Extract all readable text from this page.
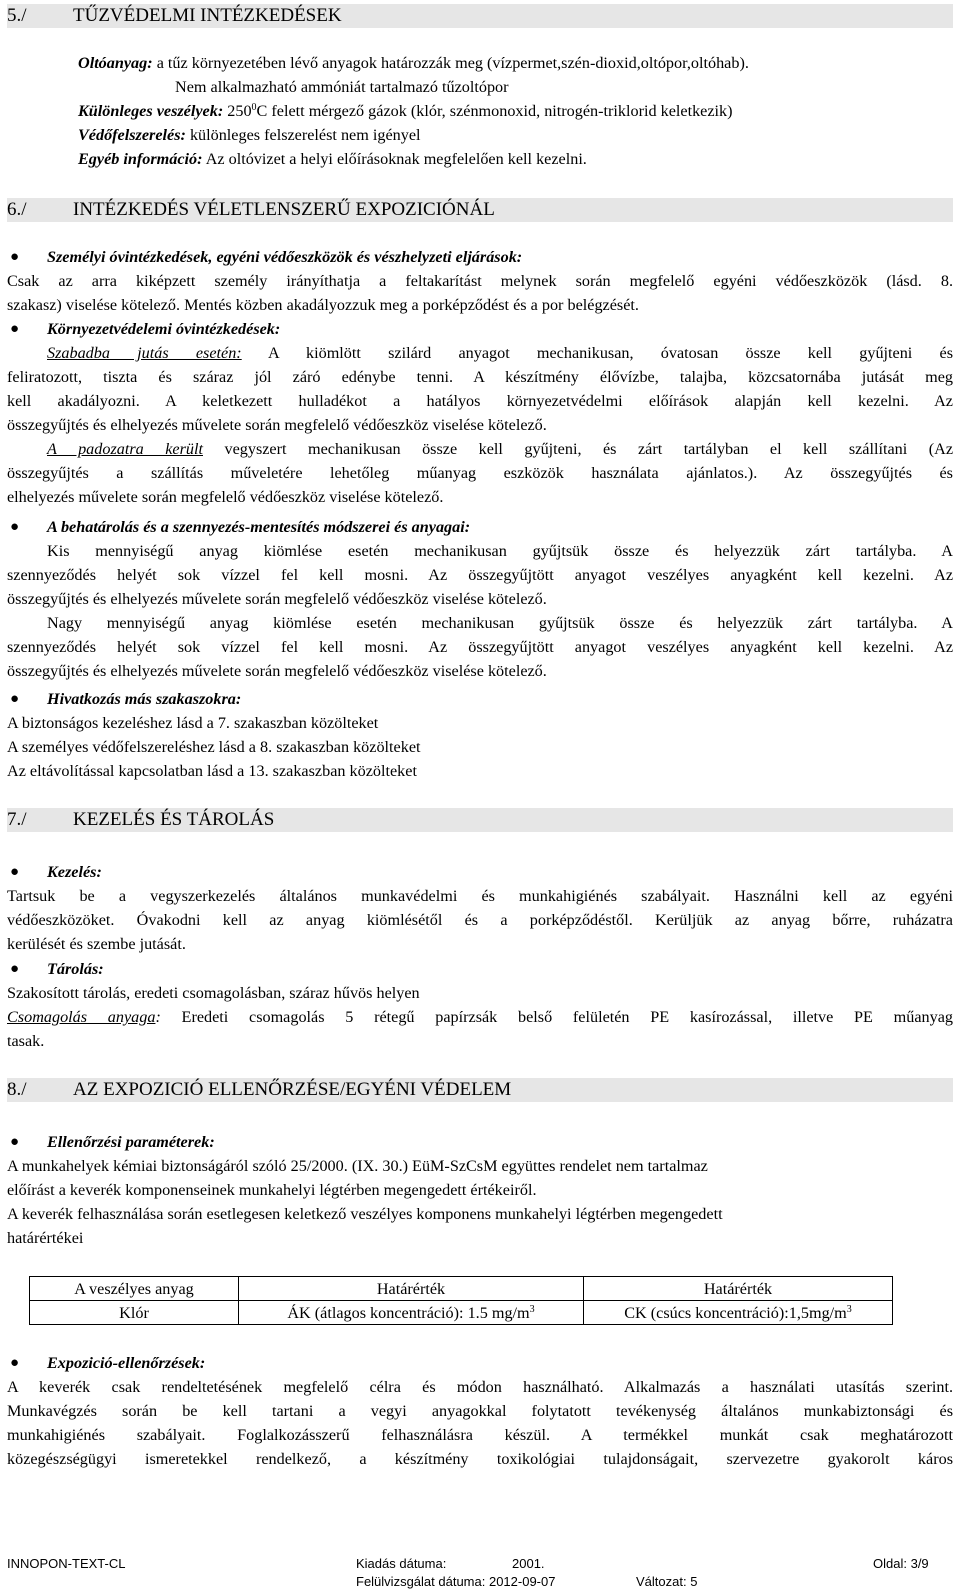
5./ TŰZVÉDELMI INTÉZKEDÉSEK
Oltóanyag: a tűz környezetében lévő anyagok határozzák meg (vízpermet,szén-dioxid,oltópor,oltóhab).
Nem alkalmazható ammóniát tartalmazó tűzoltópor
Különleges veszélyek: $250^0C$ felett mérgező gázok (klór, szénmonoxid, nitrogén-triklorid keletkezik)
Védőfelszerelés: különleges felszerelést nem igényel
Egyéb információ: Az oltóvizet a helyi előírásoknak megfelelően kell kezelni.
6./ INTÉZKEDÉS VÉLETLENSZERŰ EXPOZICIÓNÁL
●	Személyi óvintézkedések, egyéni védőeszközök és vészhelyzeti eljárások:
Csak az arra kiképzett személy irányíthatja a feltakarítást melynek során megfelelő egyéni védőeszközök (lásd. 8.
szakasz) viselése kötelező. Mentés közben akadályozzuk meg a porképződést és a por belégzését.
●	Környezetvédelemi óvintézkedések:
Szabadba jutás esetén: A kiömlött szilárd anyagot mechanikusan, óvatosan össze kell gyűjteni és
feliratozott, tiszta és száraz jól záró edénybe tenni. A készítmény élővízbe, talajba, közcsatornába jutását meg
kell akadályozni. A keletkezett hulladékot a hatályos környezetvédelmi előírások alapján kell kezelni. Az
összegyűjtés és elhelyezés művelete során megfelelő védőeszköz viselése kötelező.
A padozatra került vegyszert mechanikusan össze kell gyűjteni, és zárt tartályban el kell szállítani (Az
összegyűjtés a szállítás műveletére lehetőleg műanyag eszközök használata ajánlatos.). Az összegyűjtés és
elhelyezés művelete során megfelelő védőeszköz viselése kötelező.
●	A behatárolás és a szennyezés-mentesítés módszerei és anyagai:
Kis mennyiségű anyag kiömlése esetén mechanikusan gyűjtsük össze és helyezzük zárt tartályba. A
szennyeződés helyét sok vízzel fel kell mosni. Az összegyűjtött anyagot veszélyes anyagként kell kezelni. Az
összegyűjtés és elhelyezés művelete során megfelelő védőeszköz viselése kötelező.
Nagy mennyiségű anyag kiömlése esetén mechanikusan gyűjtsük össze és helyezzük zárt tartályba. A
szennyeződés helyét sok vízzel fel kell mosni. Az összegyűjtött anyagot veszélyes anyagként kell kezelni. Az
összegyűjtés és elhelyezés művelete során megfelelő védőeszköz viselése kötelező.
●	Hivatkozás más szakaszokra:
A biztonságos kezeléshez lásd a 7. szakaszban közölteket
A személyes védőfelszereléshez lásd a 8. szakaszban közölteket
Az eltávolítással kapcsolatban lásd a 13. szakaszban közölteket
7./ KEZELÉS ÉS TÁROLÁS
●	Kezelés:
Tartsuk be a vegyszerkezelés általános munkavédelmi és munkahigiénés szabályait. Használni kell az egyéni
védőeszközöket. Óvakodni kell az anyag kiömlésétől és a porképződéstől. Kerüljük az anyag bőrre, ruházatra
kerülését és szembe jutását.
●	Tárolás:
Szakosított tárolás, eredeti csomagolásban, száraz hűvös helyen
Csomagolás anyaga: Eredeti csomagolás 5 rétegű papírzsák belső felületén PE kasírozással, illetve PE műanyag
tasak.
8./ AZ EXPOZICIÓ ELLENŐRZÉSE/EGYÉNI VÉDELEM
●	Ellenőrzési paraméterek:
A munkahelyek kémiai biztonságáról szóló 25/2000. (IX. 30.) EüM-SzCsM együttes rendelet nem tartalmaz
előírást a keverék komponenseinek munkahelyi légtérben megengedett értékeiről.
A keverék felhasználása során esetlegesen keletkező veszélyes komponens munkahelyi légtérben megengedett
határértékei
A veszélyes anyag	Határérték	Határérték
Klór	ÁK (átlagos koncentráció): 1.5 $mg/m^3$	CK (csúcs $koncentráció):1,5mg/m^3$
●	Expozició-ellenőrzések:
A keverék csak rendeltetésének megfelelő célra és módon használható. Alkalmazás a használati utasítás szerint.
Munkavégzés során be kell tartani a vegyi anyagokkal folytatott tevékenység általános munkabiztonsági és
munkahigiénés szabályait. Foglalkozásszerű felhasználásra készül. A termékkel munkát csak meghatározott
közegészségügyi ismeretekkel rendelkező, a készítmény toxikológiai tulajdonságait, szervezetre gyakorolt káros
INNOPON-TEXT-CL	Kiadás dátuma:	2001.	Oldal: 3/9
Felülvizsgálat dátuma: 2012-09-07	Változat: 5
